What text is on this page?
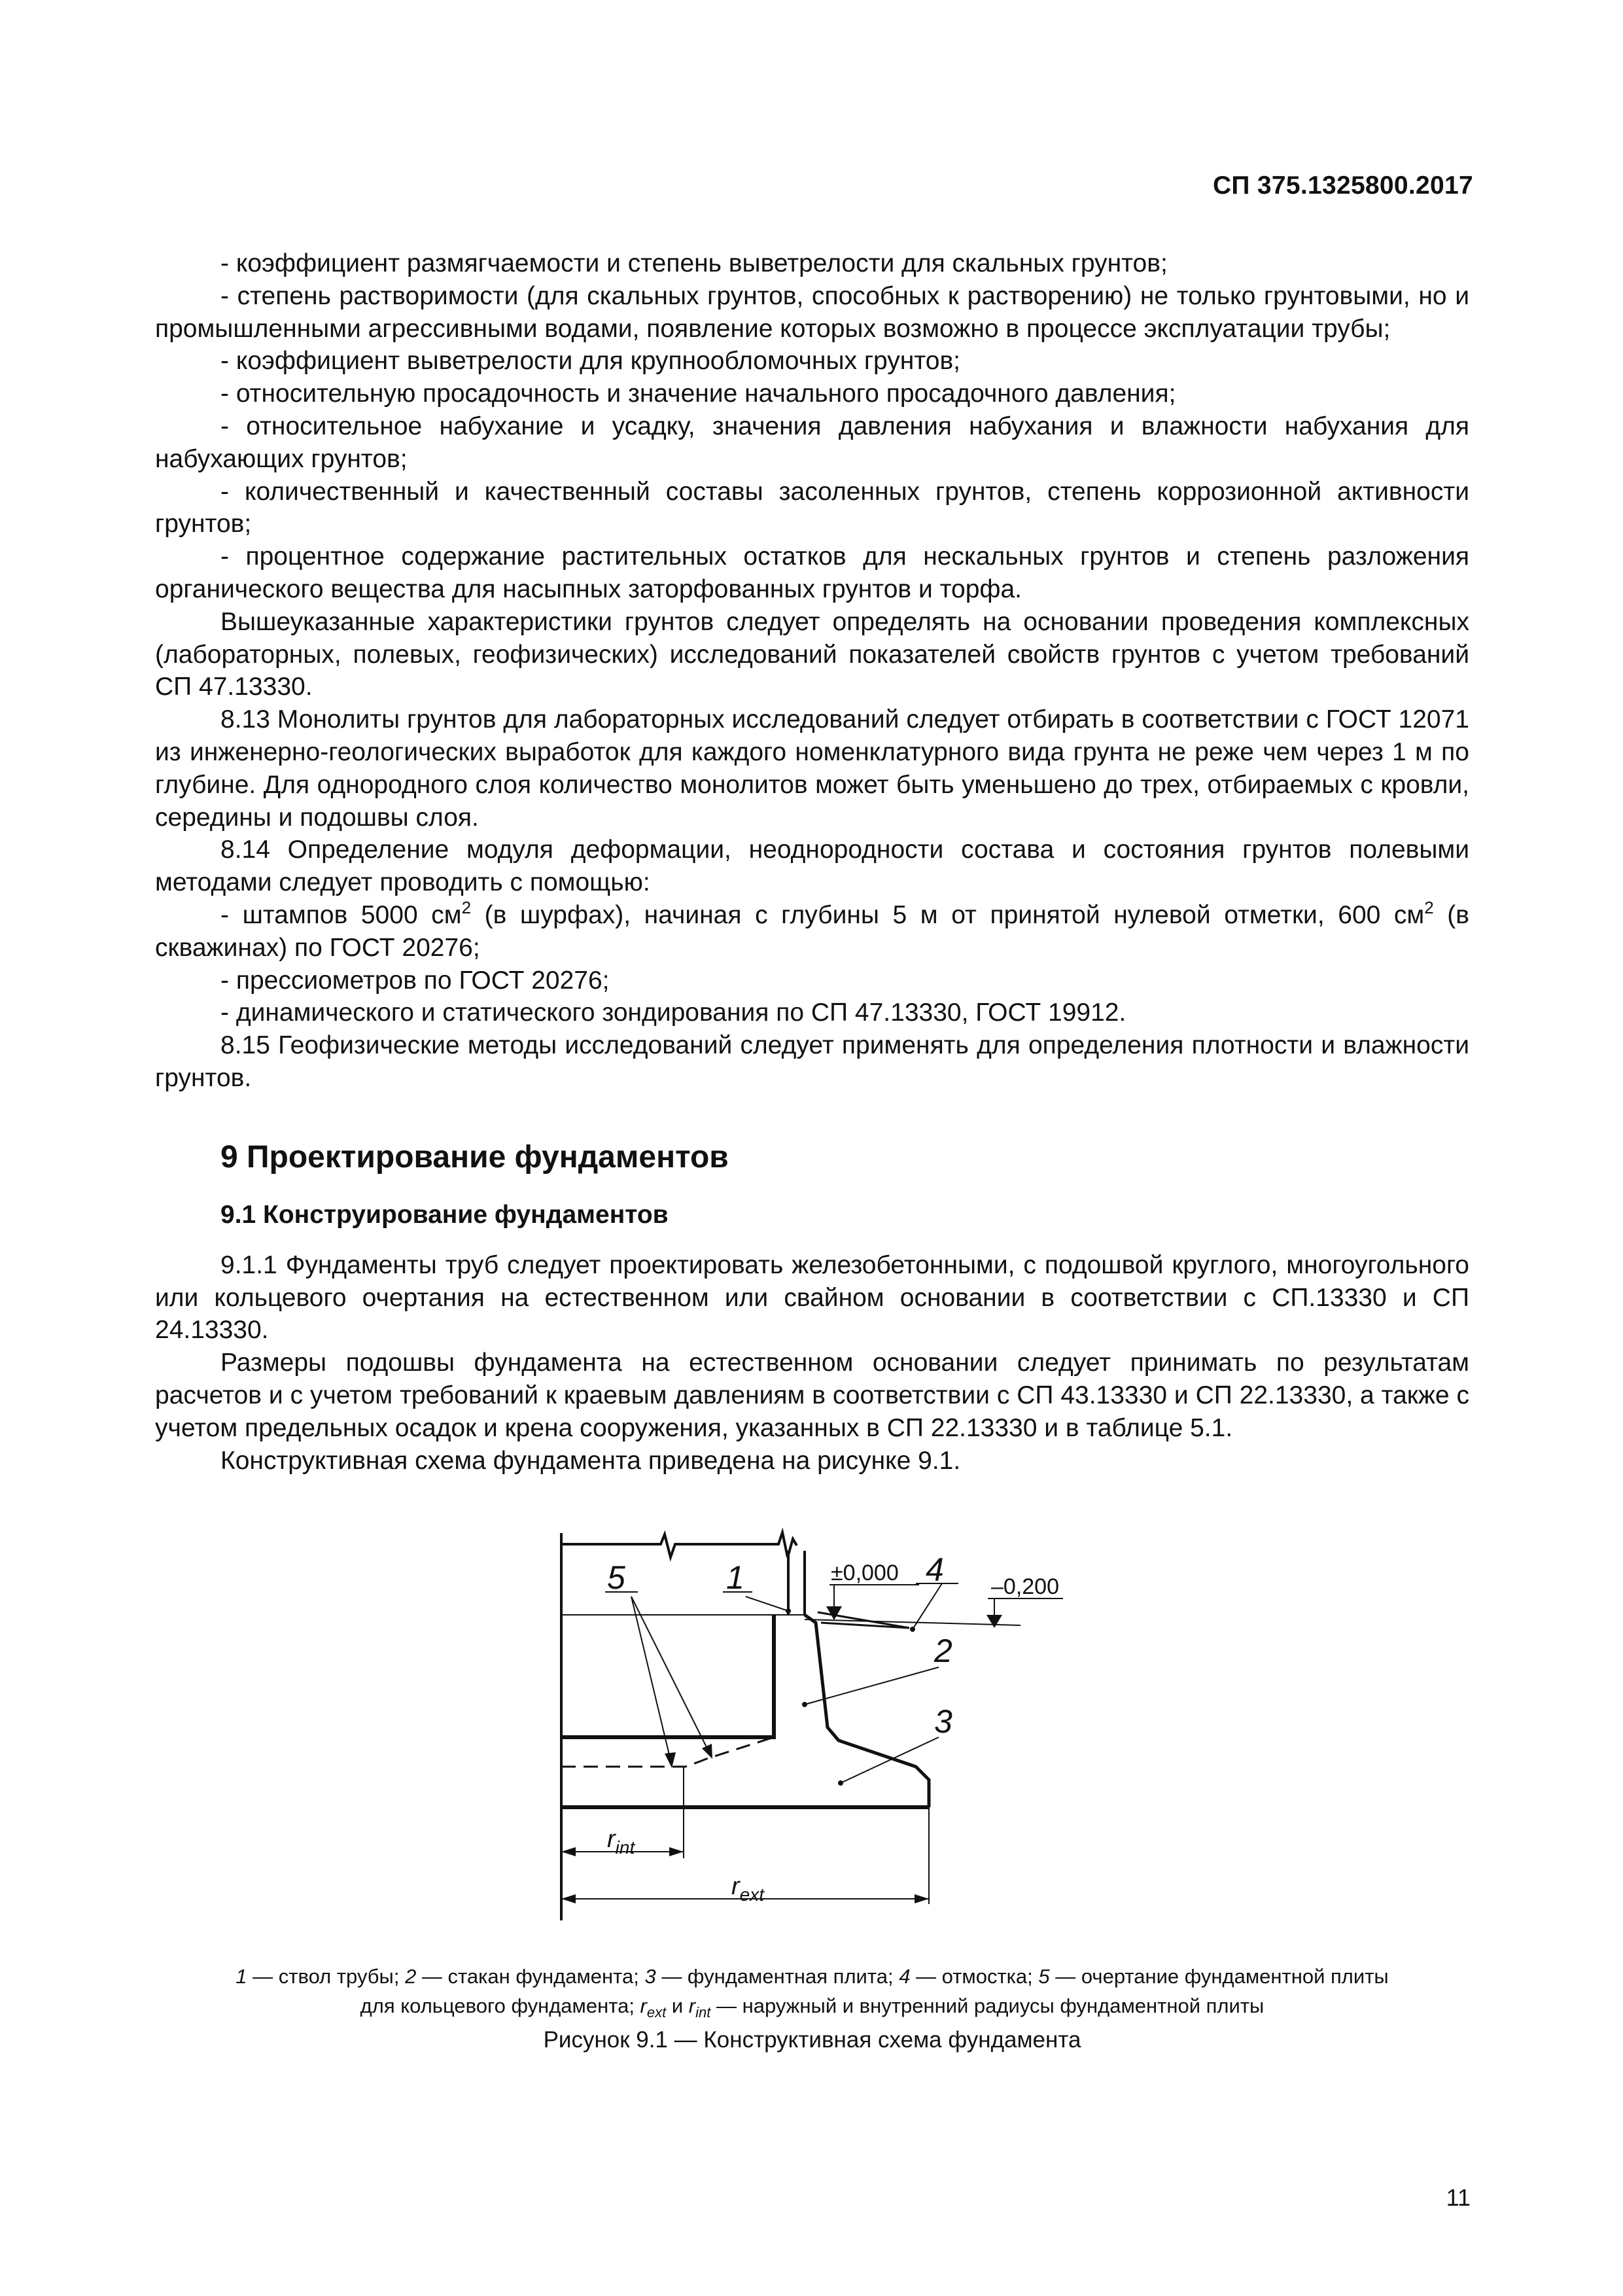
СП 375.1325800.2017

- коэффициент размягчаемости и степень выветрелости для скальных грунтов;

- степень растворимости (для скальных грунтов, способных к растворению) не только грунтовыми, но и промышленными агрессивными водами, появление которых возможно в процессе эксплуатации трубы;

- коэффициент выветрелости для крупнообломочных грунтов;

- относительную просадочность и значение начального просадочного давления;

- относительное набухание и усадку, значения давления набухания и влажности набухания для набухающих грунтов;

- количественный и качественный составы засоленных грунтов, степень коррозионной активности грунтов;

- процентное содержание растительных остатков для нескальных грунтов и степень разложения органического вещества для насыпных заторфованных грунтов и торфа.

Вышеуказанные характеристики грунтов следует определять на основании проведения комплексных (лабораторных, полевых, геофизических) исследований показателей свойств грунтов с учетом требований СП 47.13330.

8.13 Монолиты грунтов для лабораторных исследований следует отбирать в соответствии с ГОСТ 12071 из инженерно-геологических выработок для каждого номенклатурного вида грунта не реже чем через 1 м по глубине. Для однородного слоя количество монолитов может быть уменьшено до трех, отбираемых с кровли, середины и подошвы слоя.

8.14 Определение модуля деформации, неоднородности состава и состояния грунтов полевыми методами следует проводить с помощью:

- штампов 5000 $см^2$ (в шурфах), начиная с глубины 5 м от принятой нулевой отметки, 600 $см^2$ (в скважинах) по ГОСТ 20276;

- прессиометров по ГОСТ 20276;

- динамического и статического зондирования по СП 47.13330, ГОСТ 19912.

8.15 Геофизические методы исследований следует применять для определения плотности и влажности грунтов.

9 Проектирование фундаментов
9.1 Конструирование фундаментов

9.1.1 Фундаменты труб следует проектировать железобетонными, с подошвой круглого, многоугольного или кольцевого очертания на естественном или свайном основании в соответствии с СП.13330 и СП 24.13330.

Размеры подошвы фундамента на естественном основании следует принимать по результатам расчетов и с учетом требований к краевым давлениям в соответствии с СП 43.13330 и СП 22.13330, а также с учетом предельных осадок и крена сооружения, указанных в СП 22.13330 и в таблице 5.1.

Конструктивная схема фундамента приведена на рисунке 9.1.

5	1	4
2
3
±0,000
–0,200
$r_{int}$
$r_{ext}$
1 — ствол трубы; 2 — стакан фундамента; 3 — фундаментная плита; 4 — отмостка; 5 — очертание фундаментной плиты
для кольцевого фундамента; $r_{ext}$ и $r_{int}$ — наружный и внутренний радиусы фундаментной плиты
Рисунок 9.1 — Конструктивная схема фундамента
11
